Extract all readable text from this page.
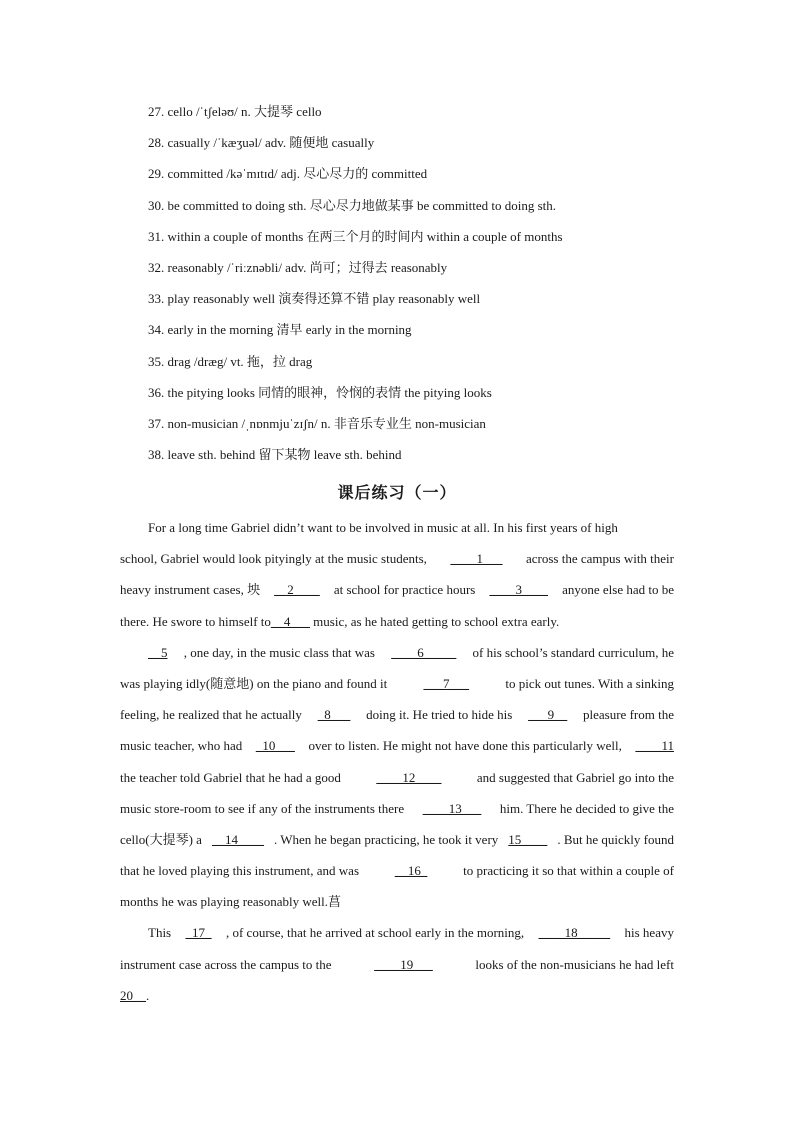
27. cello /ˈtʃeləʊ/ n. 大提琴 cello
28. casually /ˈkæʒuəl/ adv. 随便地 casually
29. committed /kəˈmɪtɪd/ adj. 尽心尽力的 committed
30. be committed to doing sth. 尽心尽力地做某事 be committed to doing sth.
31. within a couple of months 在两三个月的时间内 within a couple of months
32. reasonably /ˈriːznəbli/ adv. 尚可；过得去 reasonably
33. play reasonably well 演奏得还算不错 play reasonably well
34. early in the morning 清早 early in the morning
35. drag /dræg/ vt. 拖，拉 drag
36. the pitying looks 同情的眼神，怜悯的表情 the pitying looks
37. non-musician /ˌnɒnmjuˈzɪʃn/ n. 非音乐专业生 non-musician
38. leave sth. behind 留下某物 leave sth. behind
课后练习（一）
For a long time Gabriel didn’t want to be involved in music at all. In his first years of high
school, Gabriel would look pityingly at the music students, ____1___ across the campus with their
heavy instrument cases, 坱 __2____ at school for practice hours ____3____ anyone else had to be
there. He swore to himself to__4___ music, as he hated getting to school extra early.
__5 , one day, in the music class that was ____6_____ of his school’s standard curriculum, he
was playing idly(随意地) on the piano and found it	___7___	to pick out tunes. With a sinking
feeling, he realized that he actually _8___ doing it. He tried to hide his ___9__ pleasure from the
music teacher, who had _10___ over to listen. He might not have done this particularly well, ____11
the teacher told Gabriel that he had a good	____12____	and suggested that Gabriel go into the
music store-room to see if any of the instruments there ____13___ him. There he decided to give the
cello(大提琴) a __14____ . When he began practicing, he took it very 15____ . But he quickly found
that he loved playing this instrument, and was	__16_	to practicing it so that within a couple of
months he was playing reasonably well.菖
This _17_ , of course, that he arrived at school early in the morning, ____18_____ his heavy
instrument case across the campus to the	____19___	looks of the non-musicians he had left
20__.
